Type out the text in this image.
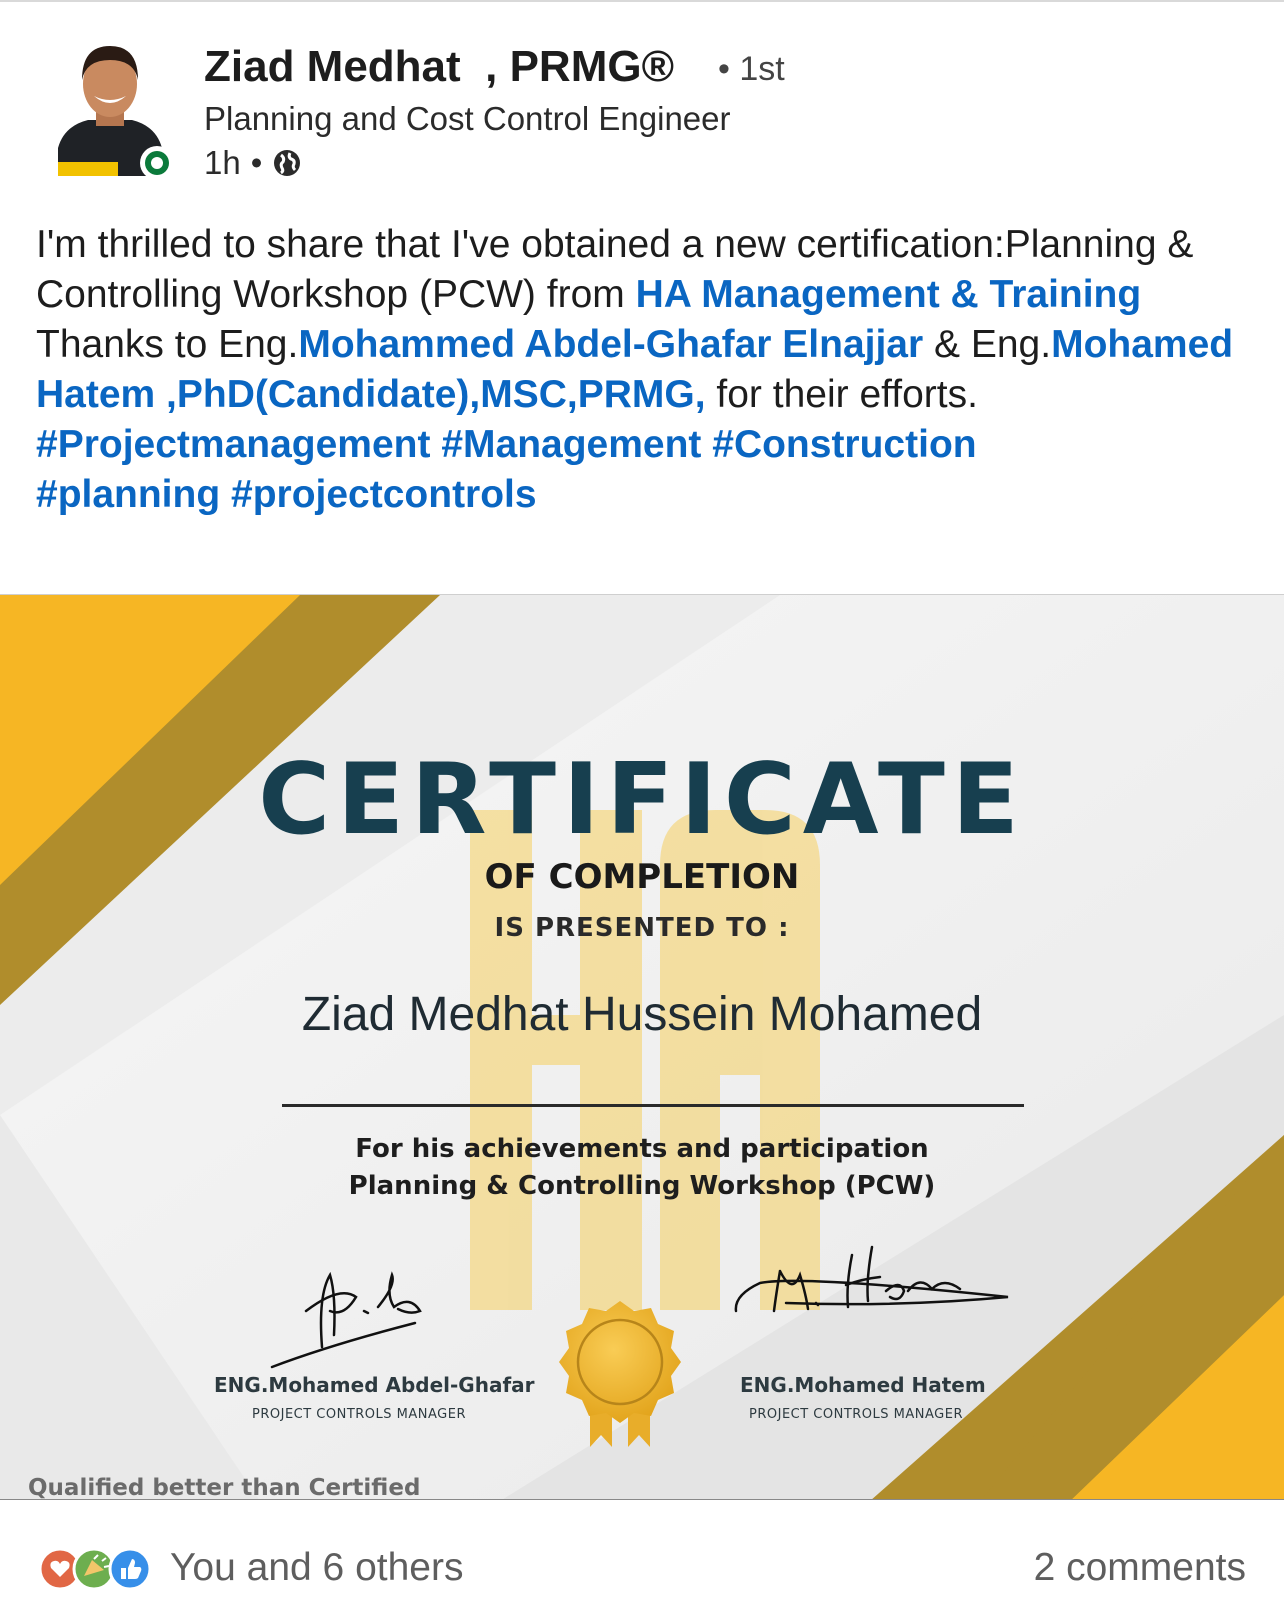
Ziad Medhat  , PRMG® • 1st
Planning and Cost Control Engineer
1h •
I'm thrilled to share that I've obtained a new certification:Planning & Controlling Workshop (PCW) from HA Management & Training Thanks to Eng.Mohammed Abdel-Ghafar Elnajjar & Eng.Mohamed Hatem ,PhD(Candidate),MSC,PRMG, for their efforts.
#Projectmanagement #Management #Construction
#planning #projectcontrols
CERTIFICATE
OF COMPLETION
IS PRESENTED TO :
Ziad Medhat Hussein Mohamed
For his achievements and participation
Planning & Controlling Workshop (PCW)
ENG.Mohamed Abdel-Ghafar
PROJECT CONTROLS MANAGER
ENG.Mohamed Hatem
PROJECT CONTROLS MANAGER
Qualified better than Certified
You and 6 others	2 comments
